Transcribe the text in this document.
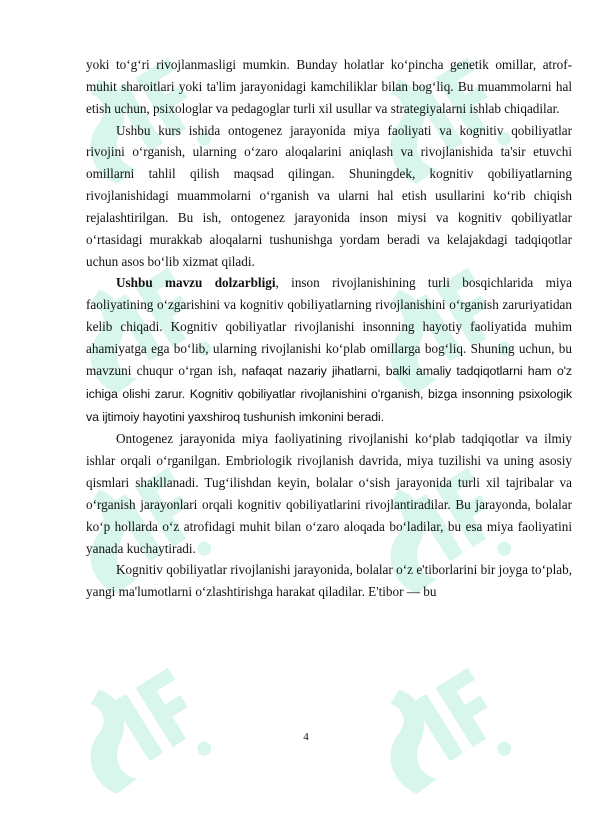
yoki to‘g‘ri rivojlanmasligi mumkin. Bunday holatlar ko‘pincha genetik omillar, atrof-muhit sharoitlari yoki ta'lim jarayonidagi kamchiliklar bilan bog‘liq. Bu muammolarni hal etish uchun, psixologlar va pedagoglar turli xil usullar va strategiyalarni ishlab chiqadilar.

Ushbu kurs ishida ontogenez jarayonida miya faoliyati va kognitiv qobiliyatlar rivojini o‘rganish, ularning o‘zaro aloqalarini aniqlash va rivojlanishida ta'sir etuvchi omillarni tahlil qilish maqsad qilingan. Shuningdek, kognitiv qobiliyatlarning rivojlanishidagi muammolarni o‘rganish va ularni hal etish usullarini ko‘rib chiqish rejalashtirilgan. Bu ish, ontogenez jarayonida inson miysi va kognitiv qobiliyatlar o‘rtasidagi murakkab aloqalarni tushunishga yordam beradi va kelajakdagi tadqiqotlar uchun asos bo‘lib xizmat qiladi.

Ushbu mavzu dolzarbligi, inson rivojlanishining turli bosqichlarida miya faoliyatining o‘zgarishini va kognitiv qobiliyatlarning rivojlanishini o‘rganish zaruriyatidan kelib chiqadi. Kognitiv qobiliyatlar rivojlanishi insonning hayotiy faoliyatida muhim ahamiyatga ega bo‘lib, ularning rivojlanishi ko‘plab omillarga bog‘liq. Shuning uchun, bu mavzuni chuqur o‘rgan ish, nafaqat nazariy jihatlarni, balki amaliy tadqiqotlarni ham o'z ichiga olishi zarur. Kognitiv qobiliyatlar rivojlanishini o'rganish, bizga insonning psixologik va ijtimoiy hayotini yaxshiroq tushunish imkonini beradi.

Ontogenez jarayonida miya faoliyatining rivojlanishi ko‘plab tadqiqotlar va ilmiy ishlar orqali o‘rganilgan. Embriologik rivojlanish davrida, miya tuzilishi va uning asosiy qismlari shakllanadi. Tug‘ilishdan keyin, bolalar o‘sish jarayonida turli xil tajribalar va o‘rganish jarayonlari orqali kognitiv qobiliyatlarini rivojlantiradilar. Bu jarayonda, bolalar ko‘p hollarda o‘z atrofidagi muhit bilan o‘zaro aloqada bo‘ladilar, bu esa miya faoliyatini yanada kuchaytiradi.

Kognitiv qobiliyatlar rivojlanishi jarayonida, bolalar o‘z e'tiborlarini bir joyga to‘plab, yangi ma'lumotlarni o‘zlashtirishga harakat qiladilar. E'tibor — bu

4
